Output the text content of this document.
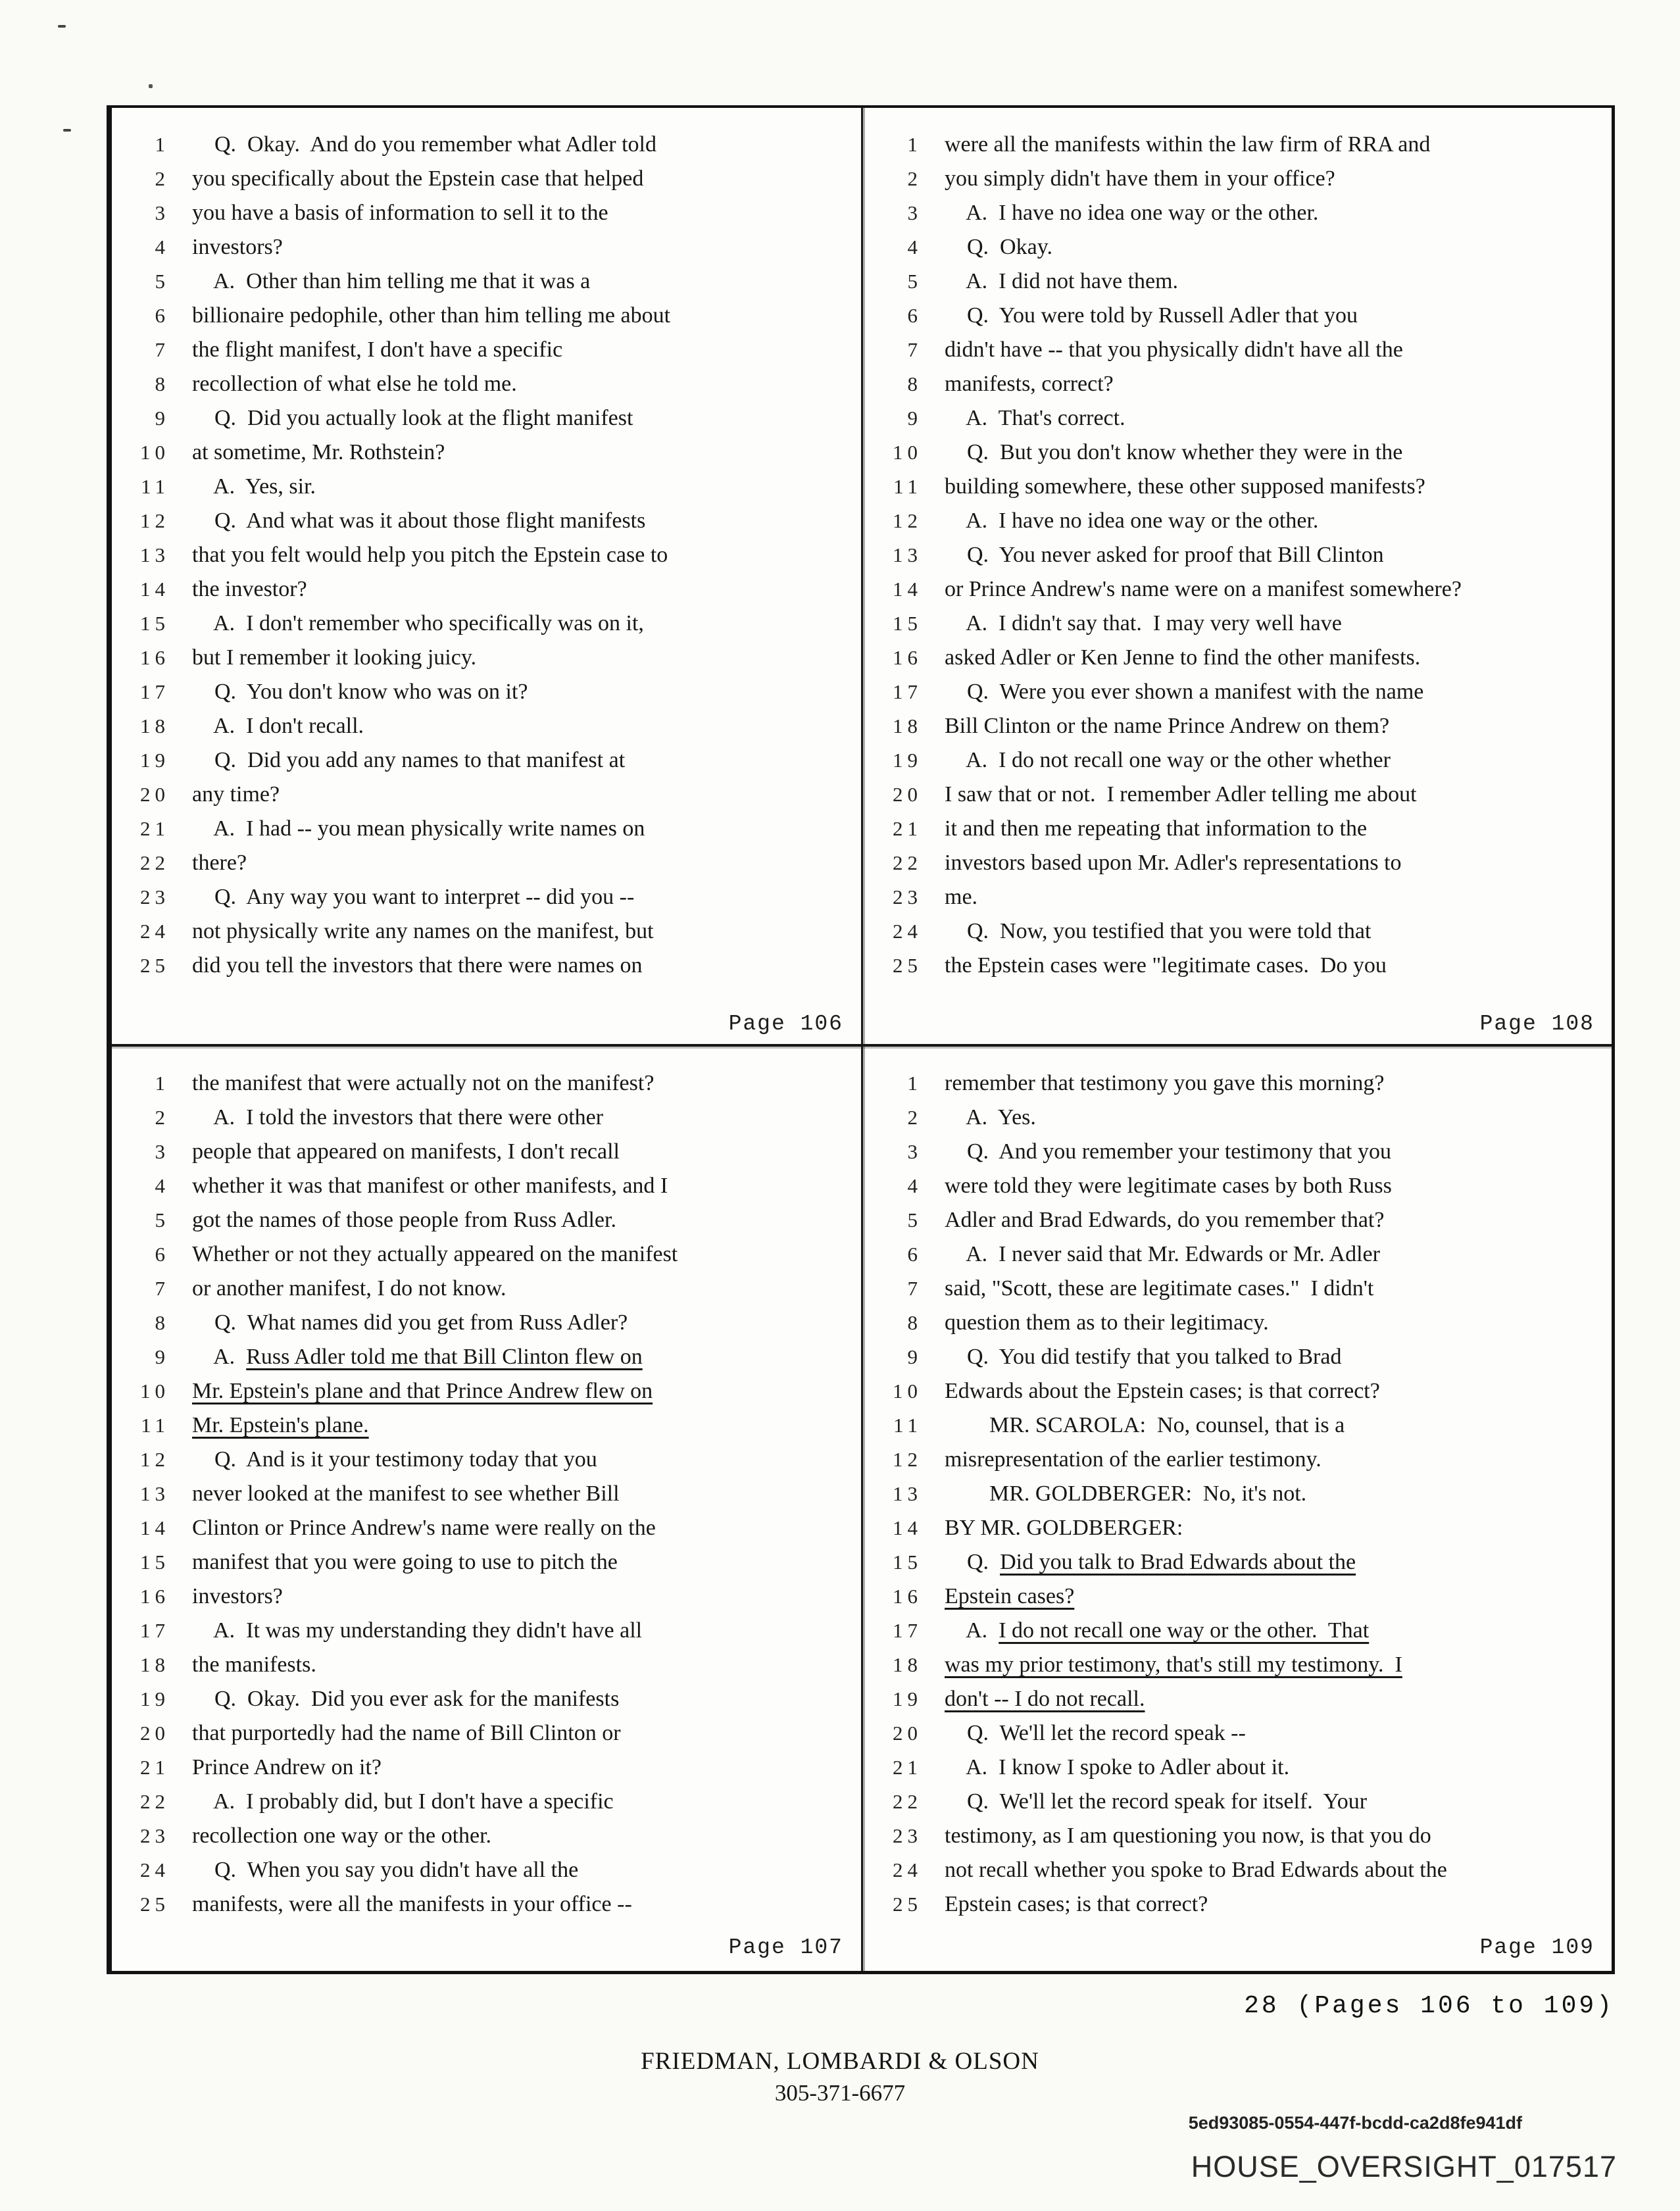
1 Q.  Okay.  And do you remember what Adler told
2 you specifically about the Epstein case that helped
3 you have a basis of information to sell it to the
4 investors?
5 A.  Other than him telling me that it was a
6 billionaire pedophile, other than him telling me about
7 the flight manifest, I don't have a specific
8 recollection of what else he told me.
9 Q.  Did you actually look at the flight manifest
10 at sometime, Mr. Rothstein?
11 A.  Yes, sir.
12 Q.  And what was it about those flight manifests
13 that you felt would help you pitch the Epstein case to
14 the investor?
15 A.  I don't remember who specifically was on it,
16 but I remember it looking juicy.
17 Q.  You don't know who was on it?
18 A.  I don't recall.
19 Q.  Did you add any names to that manifest at
20 any time?
21 A.  I had -- you mean physically write names on
22 there?
23 Q.  Any way you want to interpret -- did you --
24 not physically write any names on the manifest, but
25 did you tell the investors that there were names on
Page 106
1 were all the manifests within the law firm of RRA and
2 you simply didn't have them in your office?
3 A.  I have no idea one way or the other.
4 Q.  Okay.
5 A.  I did not have them.
6 Q.  You were told by Russell Adler that you
7 didn't have -- that you physically didn't have all the
8 manifests, correct?
9 A.  That's correct.
10 Q.  But you don't know whether they were in the
11 building somewhere, these other supposed manifests?
12 A.  I have no idea one way or the other.
13 Q.  You never asked for proof that Bill Clinton
14 or Prince Andrew's name were on a manifest somewhere?
15 A.  I didn't say that.  I may very well have
16 asked Adler or Ken Jenne to find the other manifests.
17 Q.  Were you ever shown a manifest with the name
18 Bill Clinton or the name Prince Andrew on them?
19 A.  I do not recall one way or the other whether
20 I saw that or not.  I remember Adler telling me about
21 it and then me repeating that information to the
22 investors based upon Mr. Adler's representations to
23 me.
24 Q.  Now, you testified that you were told that
25 the Epstein cases were "legitimate cases.  Do you
Page 108
1 the manifest that were actually not on the manifest?
2 A.  I told the investors that there were other
3 people that appeared on manifests, I don't recall
4 whether it was that manifest or other manifests, and I
5 got the names of those people from Russ Adler.
6 Whether or not they actually appeared on the manifest
7 or another manifest, I do not know.
8 Q.  What names did you get from Russ Adler?
9 A.  Russ Adler told me that Bill Clinton flew on
10 Mr. Epstein's plane and that Prince Andrew flew on
11 Mr. Epstein's plane.
12 Q.  And is it your testimony today that you
13 never looked at the manifest to see whether Bill
14 Clinton or Prince Andrew's name were really on the
15 manifest that you were going to use to pitch the
16 investors?
17 A.  It was my understanding they didn't have all
18 the manifests.
19 Q.  Okay.  Did you ever ask for the manifests
20 that purportedly had the name of Bill Clinton or
21 Prince Andrew on it?
22 A.  I probably did, but I don't have a specific
23 recollection one way or the other.
24 Q.  When you say you didn't have all the
25 manifests, were all the manifests in your office --
Page 107
1 remember that testimony you gave this morning?
2 A.  Yes.
3 Q.  And you remember your testimony that you
4 were told they were legitimate cases by both Russ
5 Adler and Brad Edwards, do you remember that?
6 A.  I never said that Mr. Edwards or Mr. Adler
7 said, "Scott, these are legitimate cases."  I didn't
8 question them as to their legitimacy.
9 Q.  You did testify that you talked to Brad
10 Edwards about the Epstein cases; is that correct?
11 MR. SCAROLA:  No, counsel, that is a
12 misrepresentation of the earlier testimony.
13 MR. GOLDBERGER:  No, it's not.
14 BY MR. GOLDBERGER:
15 Q.  Did you talk to Brad Edwards about the
16 Epstein cases?
17 A.  I do not recall one way or the other.  That
18 was my prior testimony, that's still my testimony.  I
19 don't -- I do not recall.
20 Q.  We'll let the record speak --
21 A.  I know I spoke to Adler about it.
22 Q.  We'll let the record speak for itself.  Your
23 testimony, as I am questioning you now, is that you do
24 not recall whether you spoke to Brad Edwards about the
25 Epstein cases; is that correct?
Page 109
28 (Pages 106 to 109)
FRIEDMAN, LOMBARDI & OLSON
305-371-6677
5ed93085-0554-447f-bcdd-ca2d8fe941df
HOUSE_OVERSIGHT_017517
